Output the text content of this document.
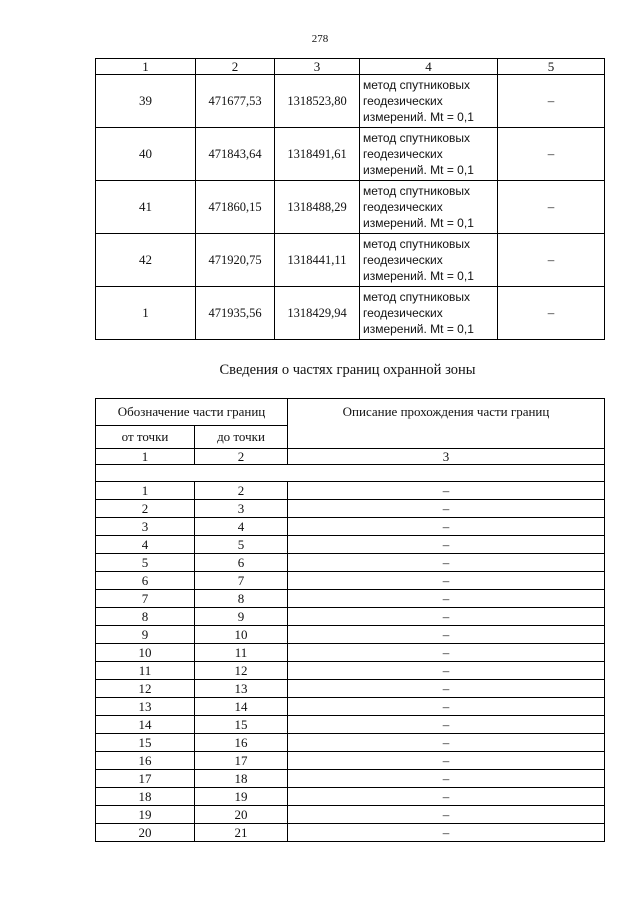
278
1	2	3	4	5
39	471677,53	1318523,80	метод спутниковых
геодезических
измерений. Mt = 0,1	–
40	471843,64	1318491,61	метод спутниковых
геодезических
измерений. Mt = 0,1	–
41	471860,15	1318488,29	метод спутниковых
геодезических
измерений. Mt = 0,1	–
42	471920,75	1318441,11	метод спутниковых
геодезических
измерений. Mt = 0,1	–
1	471935,56	1318429,94	метод спутниковых
геодезических
измерений. Mt = 0,1	–
Сведения о частях границ охранной зоны
Обозначение части границ		Описание прохождения части границ
от точки	до точки	
1	2	3

1	2	–
2	3	–
3	4	–
4	5	–
5	6	–
6	7	–
7	8	–
8	9	–
9	10	–
10	11	–
11	12	–
12	13	–
13	14	–
14	15	–
15	16	–
16	17	–
17	18	–
18	19	–
19	20	–
20	21	–
